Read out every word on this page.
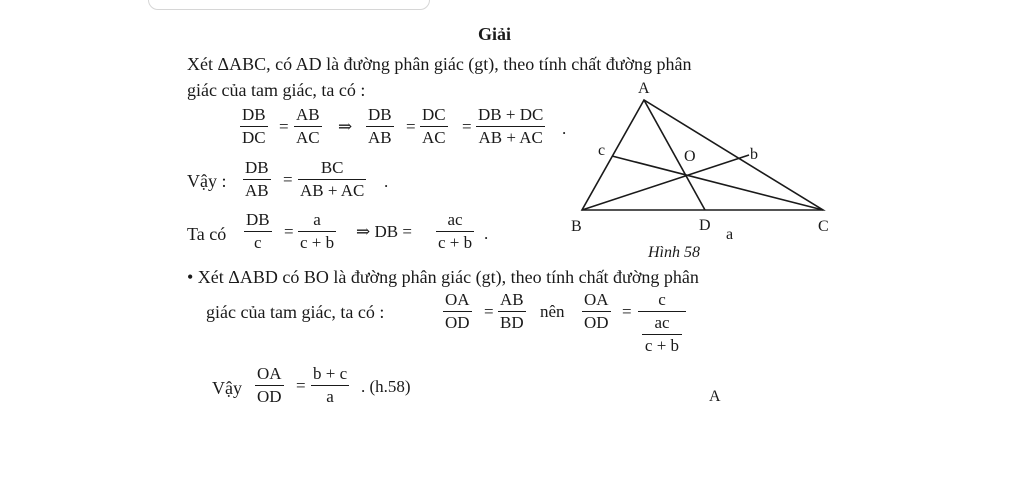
Giải
Xét ΔABC, có AD là đường phân giác (gt), theo tính chất đường phân
giác của tam giác, ta có :
DB
DC
=
AB
AC
⇒
DB
AB
=
DC
AC
=
DB + DC
AB + AC .
Vậy :
DB
AB
=
BC
AB + AC .
Ta có
DB
c
=
a
c + b
⇒ DB =
ac
c + b .
• Xét ΔABD có BO là đường phân giác (gt), theo tính chất đường phân
giác của tam giác, ta có :
OA
OD
=
AB
BD
nên
OA
OD
=
c
$\frac{ac}{c + b}$
Vậy
OA
OD
=
b + c
a
. (h.58)
A
A
B	C
D
O
a
b
c
Hình 58
